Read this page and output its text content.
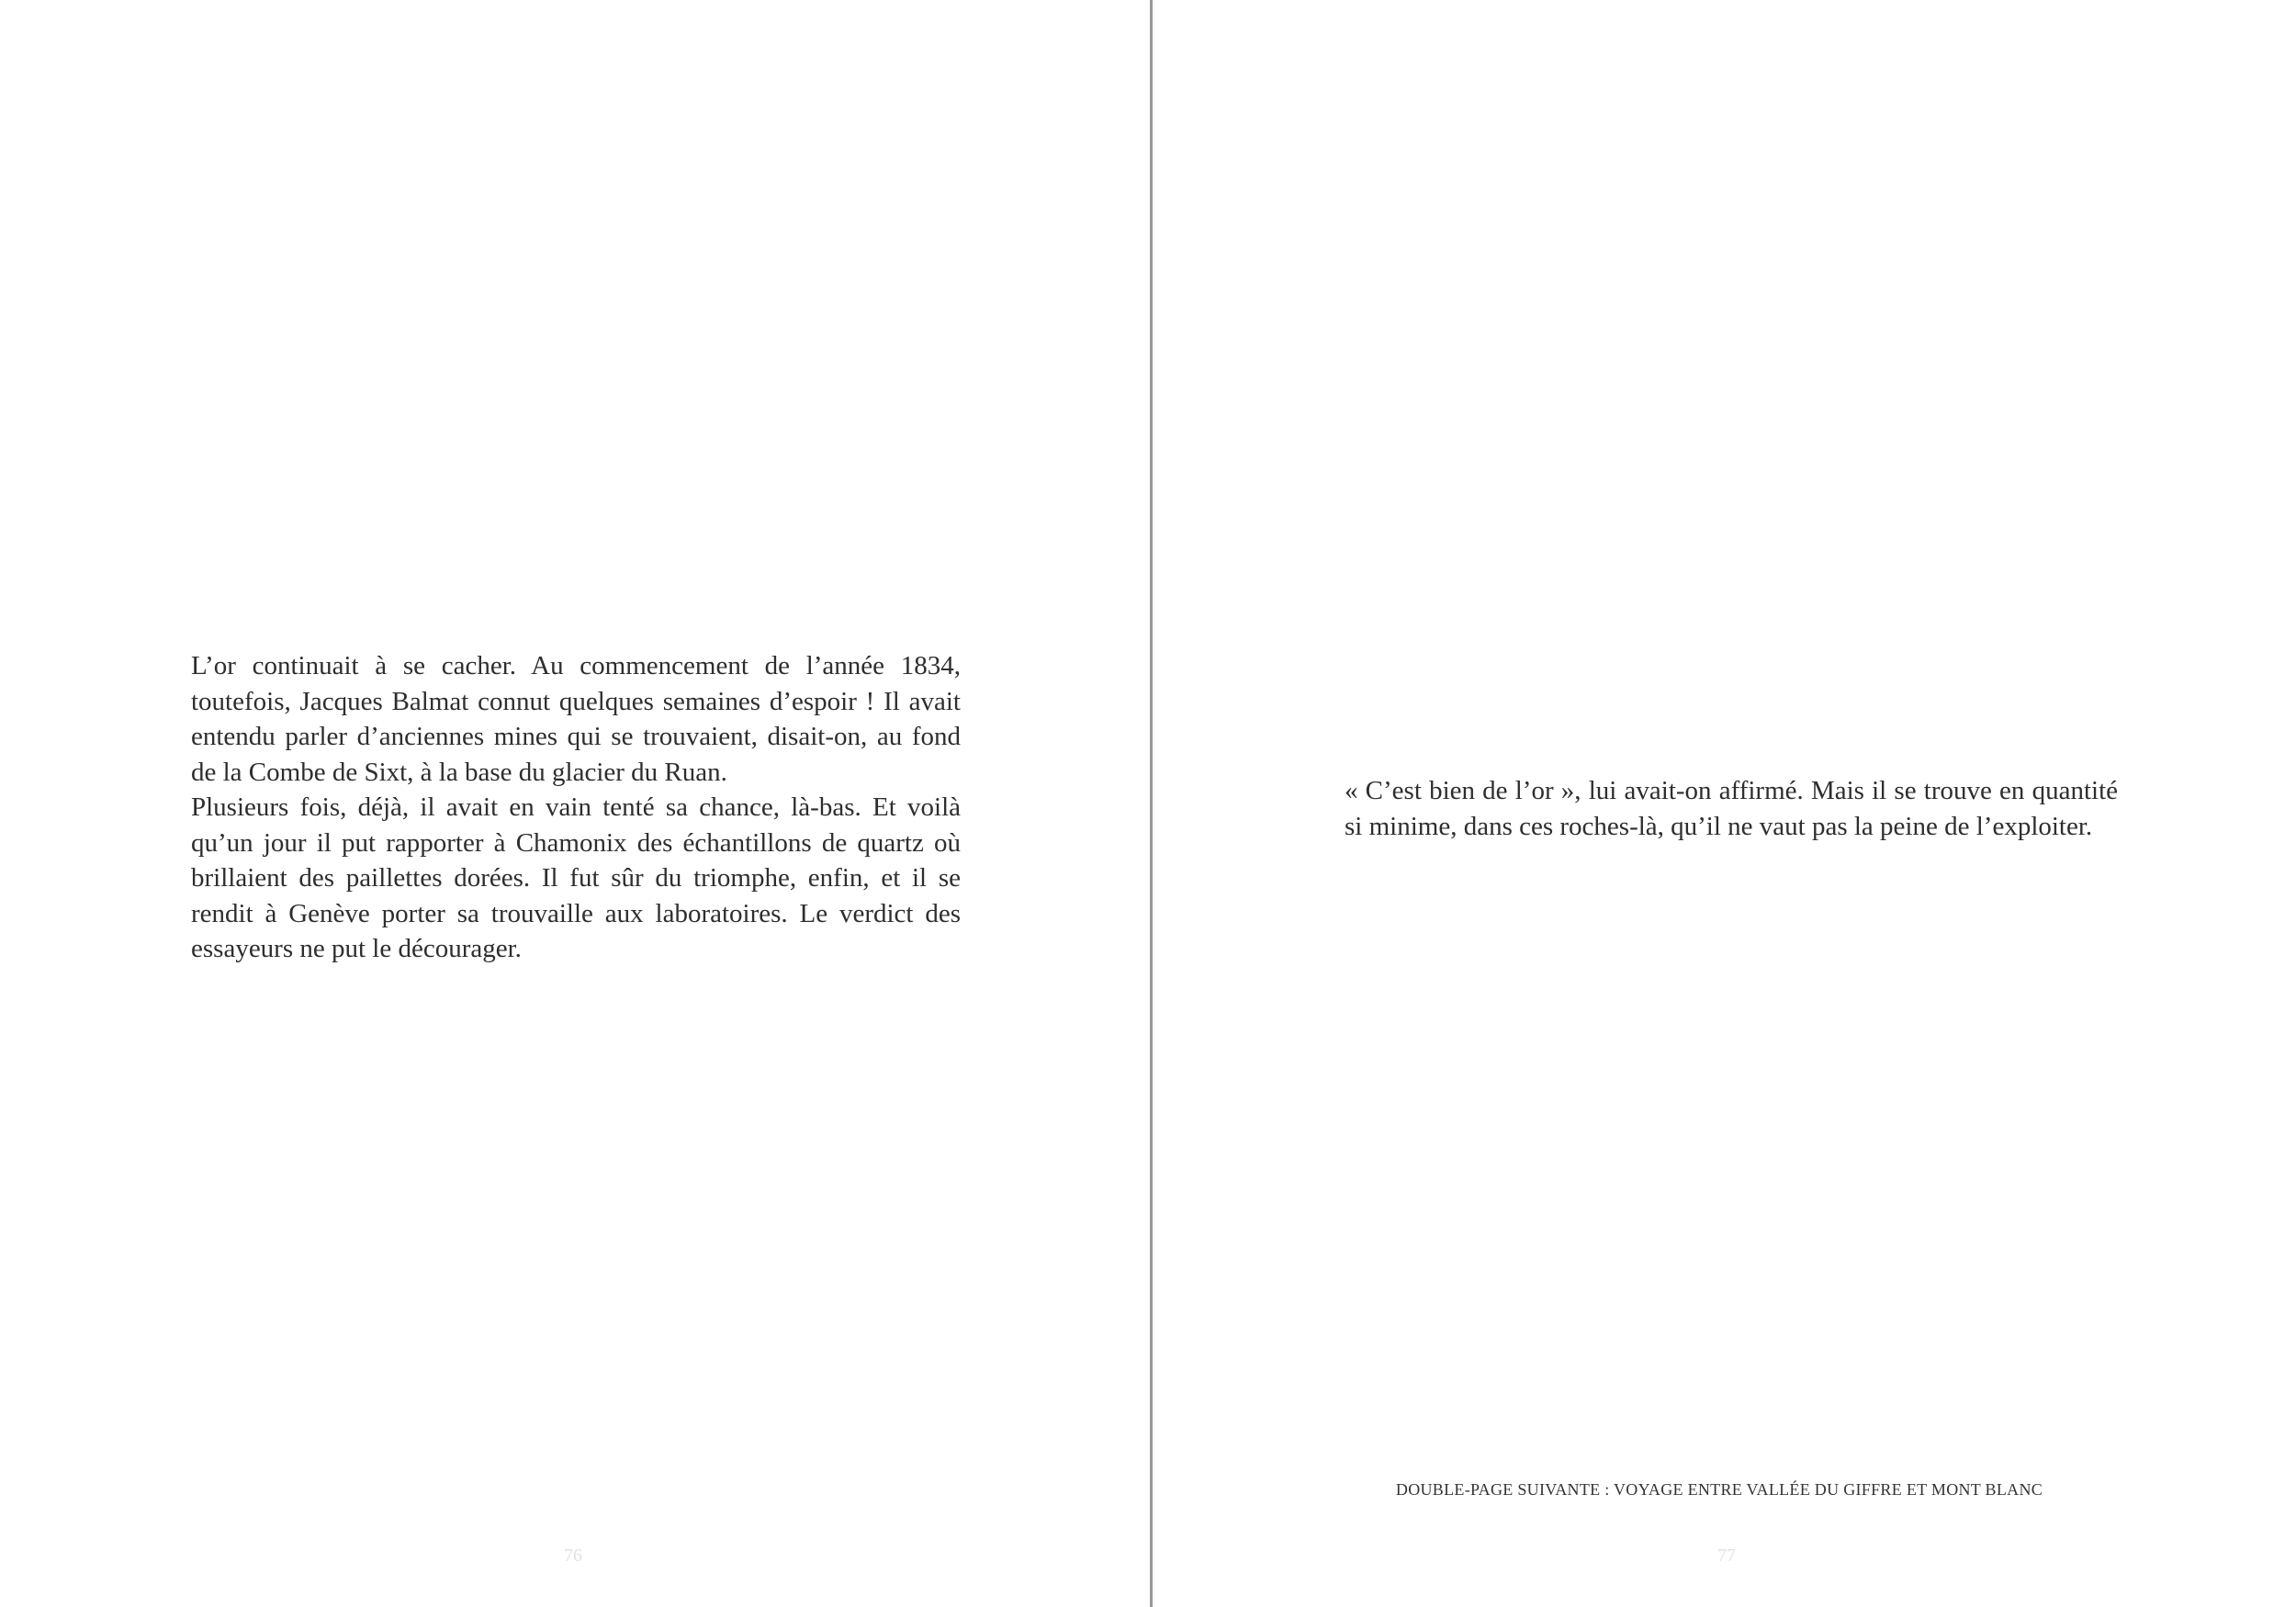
L’or continuait à se cacher. Au commencement de l’année 1834, toutefois, Jacques Balmat connut quelques semaines d’espoir ! Il avait entendu parler d’anciennes mines qui se trouvaient, disait-on, au fond de la Combe de Sixt, à la base du glacier du Ruan.

Plusieurs fois, déjà, il avait en vain tenté sa chance, là-bas. Et voilà qu’un jour il put rapporter à Chamonix des échantillons de quartz où brillaient des paillettes dorées. Il fut sûr du triomphe, enfin, et il se rendit à Genève porter sa trouvaille aux laboratoires. Le verdict des essayeurs ne put le décourager.

76

« C’est bien de l’or », lui avait-on affirmé. Mais il se trouve en quantité si minime, dans ces roches-là, qu’il ne vaut pas la peine de l’exploiter.

DOUBLE-PAGE SUIVANTE : VOYAGE ENTRE VALLÉE DU GIFFRE ET MONT BLANC
77
